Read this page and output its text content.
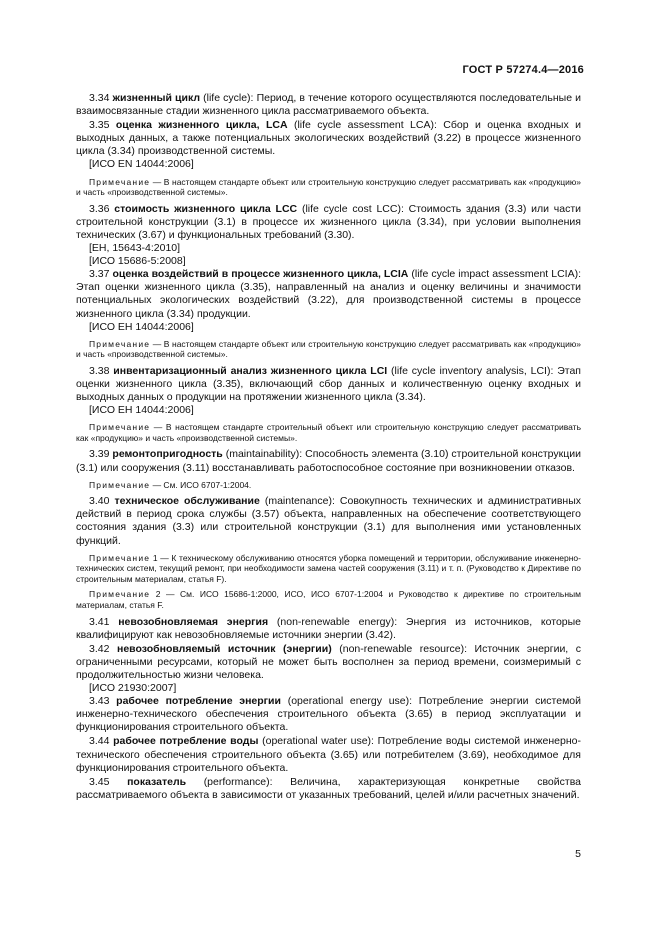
ГОСТ Р 57274.4—2016

3.34 жизненный цикл (life cycle): Период, в течение которого осуществляются последовательные и взаимосвязанные стадии жизненного цикла рассматриваемого объекта.

3.35 оценка жизненного цикла, LCA (life cycle assessment LCA): Сбор и оценка входных и выходных данных, а также потенциальных экологических воздействий (3.22) в процессе жизненного цикла (3.34) производственной системы.

[ИСО EN 14044:2006]

Примечание — В настоящем стандарте объект или строительную конструкцию следует рассматривать как «продукцию» и часть «производственной системы».

3.36 стоимость жизненного цикла LCC (life cycle cost LCC): Стоимость здания (3.3) или части строительной конструкции (3.1) в процессе их жизненного цикла (3.34), при условии выполнения технических (3.67) и функциональных требований (3.30).

[ЕН, 15643-4:2010]

[ИСО 15686-5:2008]

3.37 оценка воздействий в процессе жизненного цикла, LCIA (life cycle impact assessment LCIA): Этап оценки жизненного цикла (3.35), направленный на анализ и оценку величины и значимости потенциальных экологических воздействий (3.22), для производственной системы в процессе жизненного цикла (3.34) продукции.

[ИСО ЕН 14044:2006]

Примечание — В настоящем стандарте объект или строительную конструкцию следует рассматривать как «продукцию» и часть «производственной системы».

3.38 инвентаризационный анализ жизненного цикла LCI (life cycle inventory analysis, LCI): Этап оценки жизненного цикла (3.35), включающий сбор данных и количественную оценку входных и выходных данных о продукции на протяжении жизненного цикла (3.34).

[ИСО ЕН 14044:2006]

Примечание — В настоящем стандарте строительный объект или строительную конструкцию следует рассматривать как «продукцию» и часть «производственной системы».

3.39 ремонтопригодность (maintainability): Способность элемента (3.10) строительной конструкции (3.1) или сооружения (3.11) восстанавливать работоспособное состояние при возникновении отказов.

Примечание — См. ИСО 6707-1:2004.

3.40 техническое обслуживание (maintenance): Совокупность технических и административных действий в период срока службы (3.57) объекта, направленных на обеспечение соответствующего состояния здания (3.3) или строительной конструкции (3.1) для выполнения ими установленных функций.

Примечание 1 — К техническому обслуживанию относятся уборка помещений и территории, обслуживание инженерно-технических систем, текущий ремонт, при необходимости замена частей сооружения (3.11) и т. п. (Руководство к Директиве по строительным материалам, статья F).

Примечание 2 — См. ИСО 15686-1:2000, ИСО, ИСО 6707-1:2004 и Руководство к директиве по строительным материалам, статья F.

3.41 невозобновляемая энергия (non-renewable energy): Энергия из источников, которые квалифицируют как невозобновляемые источники энергии (3.42).

3.42 невозобновляемый источник (энергии) (non-renewable resource): Источник энергии, с ограниченными ресурсами, который не может быть восполнен за период времени, соизмеримый с продолжительностью жизни человека.

[ИСО 21930:2007]

3.43 рабочее потребление энергии (operational energy use): Потребление энергии системой инженерно-технического обеспечения строительного объекта (3.65) в период эксплуатации и функционирования строительного объекта.

3.44 рабочее потребление воды (operational water use): Потребление воды системой инженерно-технического обеспечения строительного объекта (3.65) или потребителем (3.69), необходимое для функционирования строительного объекта.

3.45 показатель (performance): Величина, характеризующая конкретные свойства рассматриваемого объекта в зависимости от указанных требований, целей и/или расчетных значений.

5
